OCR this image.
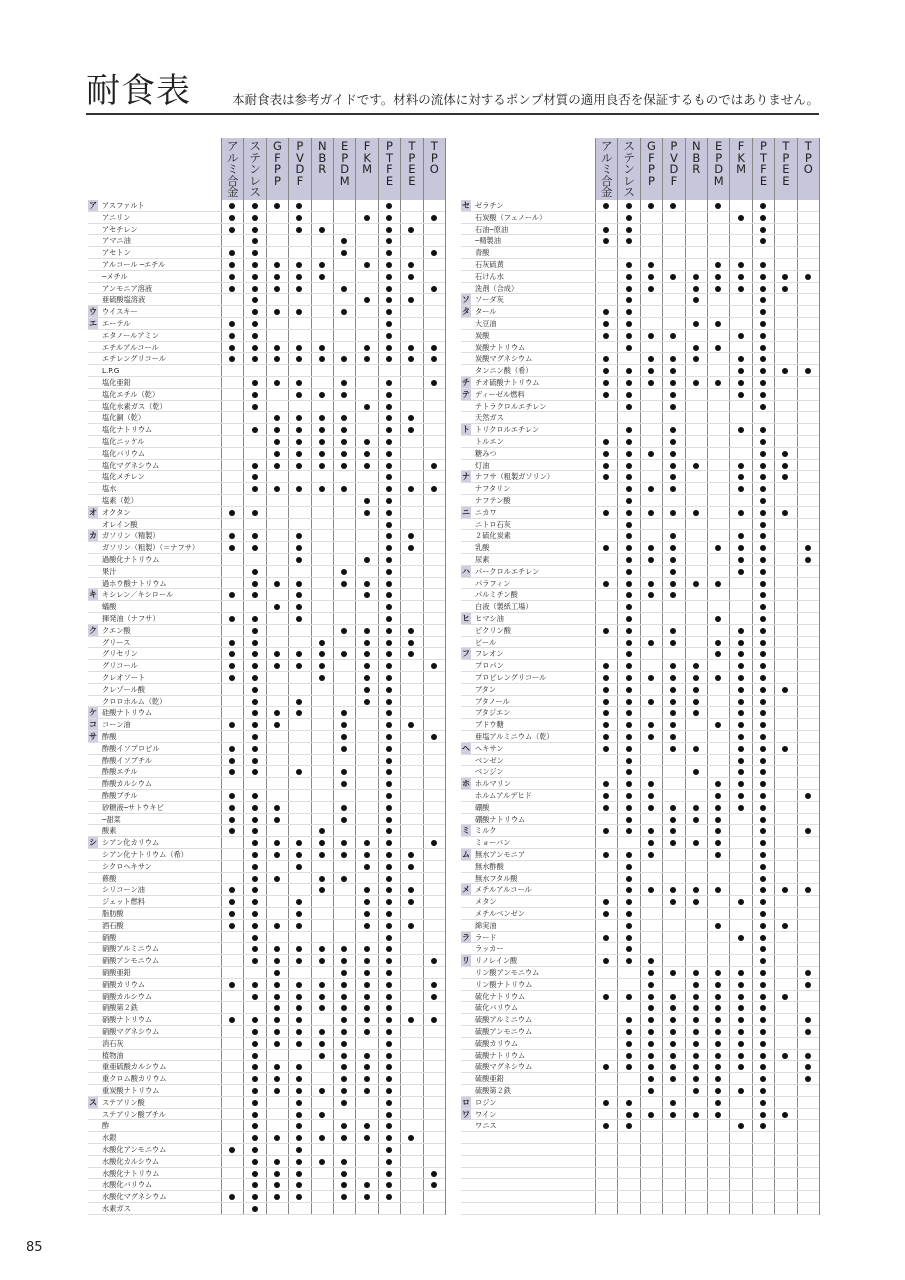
耐食表	本耐食表は参考ガイドです。材料の流体に対するポンプ材質の適用良否を保証するものではありません。
ア
ル
ミ
合
金
ス
テ
ン
レ
ス
G
F
P
P
P
V
D
F
N
B
R
E
P
D
M
F
K
M
P
T
F
E
T
P
E
E
T
P
O
ア アスファルト
アニリン
アセチレン
アマニ油
アセトン
アルコール ─エチル
─メチル
アンモニア溶液
亜硫酸塩溶液
ウ ウイスキー
エ エーテル
エタノールアミン
エチルアルコール
エチレングリコール
L.P.G
塩化亜鉛
塩化エチル（乾）
塩化水素ガス（乾）
塩化銅（乾）
塩化ナトリウム
塩化ニッケル
塩化バリウム
塩化マグネシウム
塩化メチレン
塩水
塩素（乾）
オ オクタン
オレイン酸
カ ガソリン（精製）
ガソリン（粗製）（＝ナフサ）
過酸化ナトリウム
果汁
過ホウ酸ナトリウム
キ キシレン／キシロール
蟻酸
揮発油（ナフサ）
ク クエン酸
グリース
グリセリン
グリコール
クレオソート
クレゾール酸
クロロホルム（乾）
ケ 硅酸ナトリウム
コ コーン油
サ 酢酸
酢酸イソプロピル
酢酸イソブチル
酢酸エチル
酢酸カルシウム
酢酸ブチル
砂糖液─サトウキビ
─甜菜
酸素
シ シアン化カリウム
シアン化ナトリウム（希）
シクロヘキサン
蓚酸
シリコーン油
ジェット燃料
脂肪酸
酒石酸
硝酸
硝酸アルミニウム
硝酸アンモニウム
硝酸亜鉛
硝酸カリウム
硝酸カルシウム
硝酸第２鉄
硝酸ナトリウム
硝酸マグネシウム
消石灰
植物油
重亜硫酸カルシウム
重クロム酸カリウム
重炭酸ナトリウム
ス ステアリン酸
ステアリン酸ブチル
酢
水銀
水酸化アンモニウム
水酸化カルシウム
水酸化ナトリウム
水酸化バリウム
水酸化マグネシウム
水素ガス
ア
ル
ミ
合
金
ス
テ
ン
レ
ス
G
F
P
P
P
V
D
F
N
B
R
E
P
D
M
F
K
M
P
T
F
E
T
P
E
E
T
P
O
セ ゼラチン
石炭酸（フェノール）
石油─原油
─精製油
青酸
石灰硫黄
石けん水
洗剤（合成）
ソ ソーダ灰
タ タール
大豆油
炭酸
炭酸ナトリウム
炭酸マグネシウム
タンニン酸（希）
チ チオ硫酸ナトリウム
テ ディーゼル燃料
テトラクロルエチレン
天然ガス
ト トリクロルエチレン
トルエン
糖みつ
灯油
ナ ナフサ（粗製ガソリン）
ナフタリン
ナフテン酸
ニ ニカワ
ニトロ石灰
２硫化炭素
乳酸
尿素
ハ パークロルエチレン
パラフィン
パルミチン酸
白液（製紙工場）
ヒ ヒマシ油
ピクリン酸
ビール
フ フレオン
プロパン
プロピレングリコール
ブタン
ブタノール
ブタジエン
ブドウ糖
亜塩アルミニウム（乾）
ヘ ヘキサン
ベンゼン
ベンジン
ホ ホルマリン
ホルムアルデヒド
硼酸
硼酸ナトリウム
ミ ミルク
ミョーバン
ム 無水アンモニア
無水酢酸
無水フタル酸
メ メチルアルコール
メタン
メチルベンゼン
綿実油
ラ ラード
ラッカー
リ リノレイン酸
リン酸アンモニウム
リン酸ナトリウム
硫化ナトリウム
硫化バリウム
硫酸アルミニウム
硫酸アンモニウム
硫酸カリウム
硫酸ナトリウム
硫酸マグネシウム
硫酸亜鉛
硫酸第２鉄
ロ ロジン
ワ ワイン
ワニス
85
